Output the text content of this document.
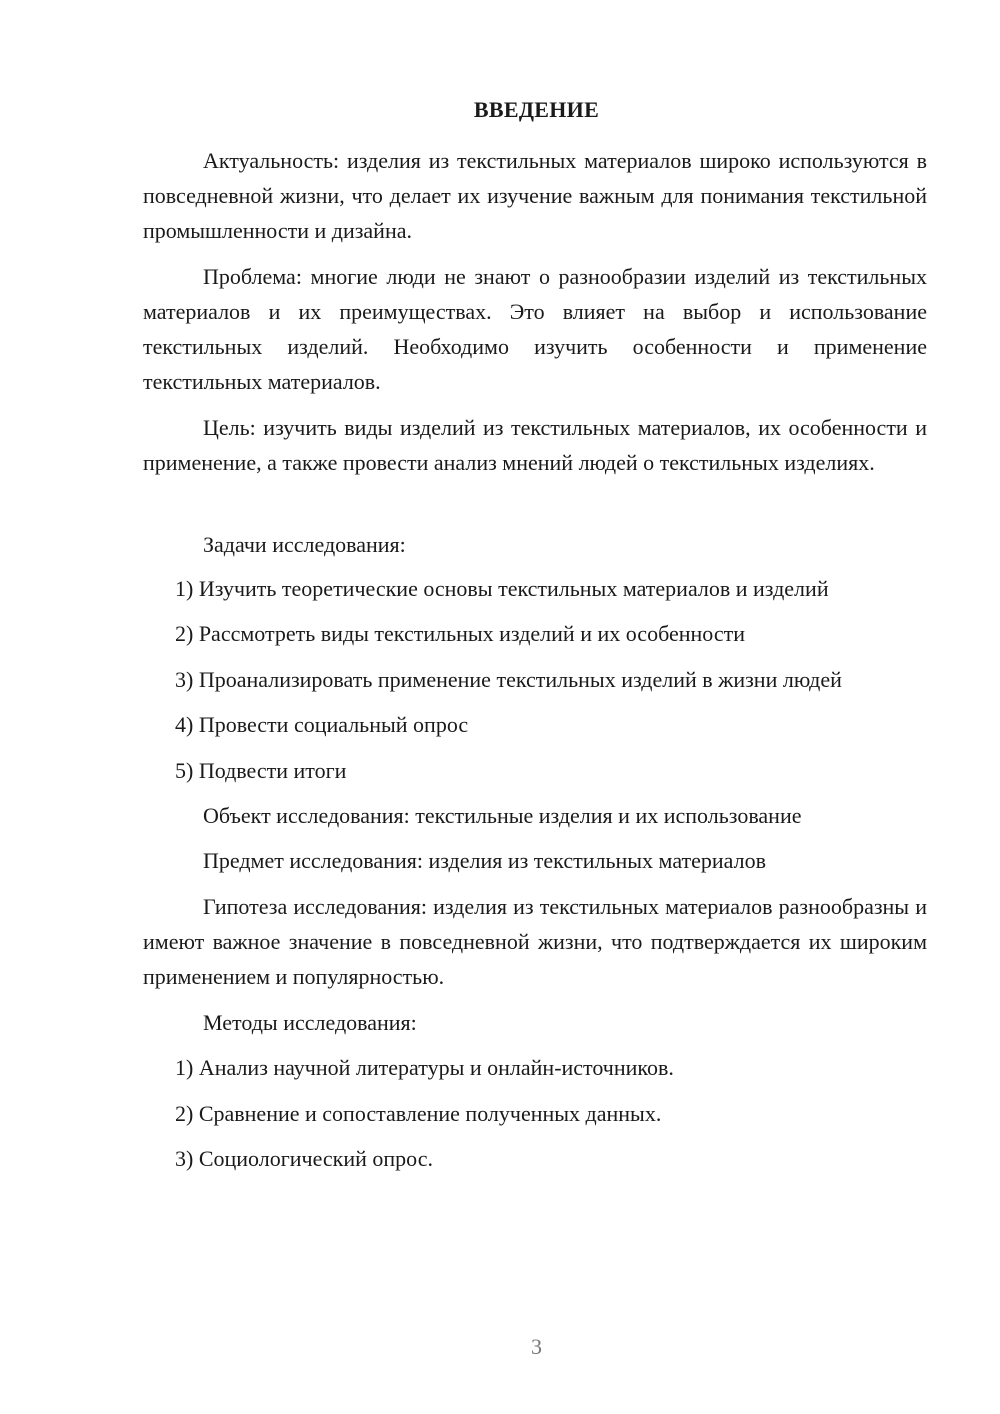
ВВЕДЕНИЕ

Актуальность: изделия из текстильных материалов широко используются в повседневной жизни, что делает их изучение важным для понимания текстильной промышленности и дизайна.

Проблема: многие люди не знают о разнообразии изделий из текстильных материалов и их преимуществах. Это влияет на выбор и использование текстильных изделий. Необходимо изучить особенности и применение текстильных материалов.

Цель: изучить виды изделий из текстильных материалов, их особенности и применение, а также провести анализ мнений людей о текстильных изделиях.

Задачи исследования:

1) Изучить теоретические основы текстильных материалов и изделий

2) Рассмотреть виды текстильных изделий и их особенности

3) Проанализировать применение текстильных изделий в жизни людей

4) Провести социальный опрос

5) Подвести итоги

Объект исследования: текстильные изделия и их использование

Предмет исследования: изделия из текстильных материалов

Гипотеза исследования: изделия из текстильных материалов разнообразны и имеют важное значение в повседневной жизни, что подтверждается их широким применением и популярностью.

Методы исследования:

1) Анализ научной литературы и онлайн-источников.

2) Сравнение и сопоставление полученных данных.

3) Социологический опрос.

3
